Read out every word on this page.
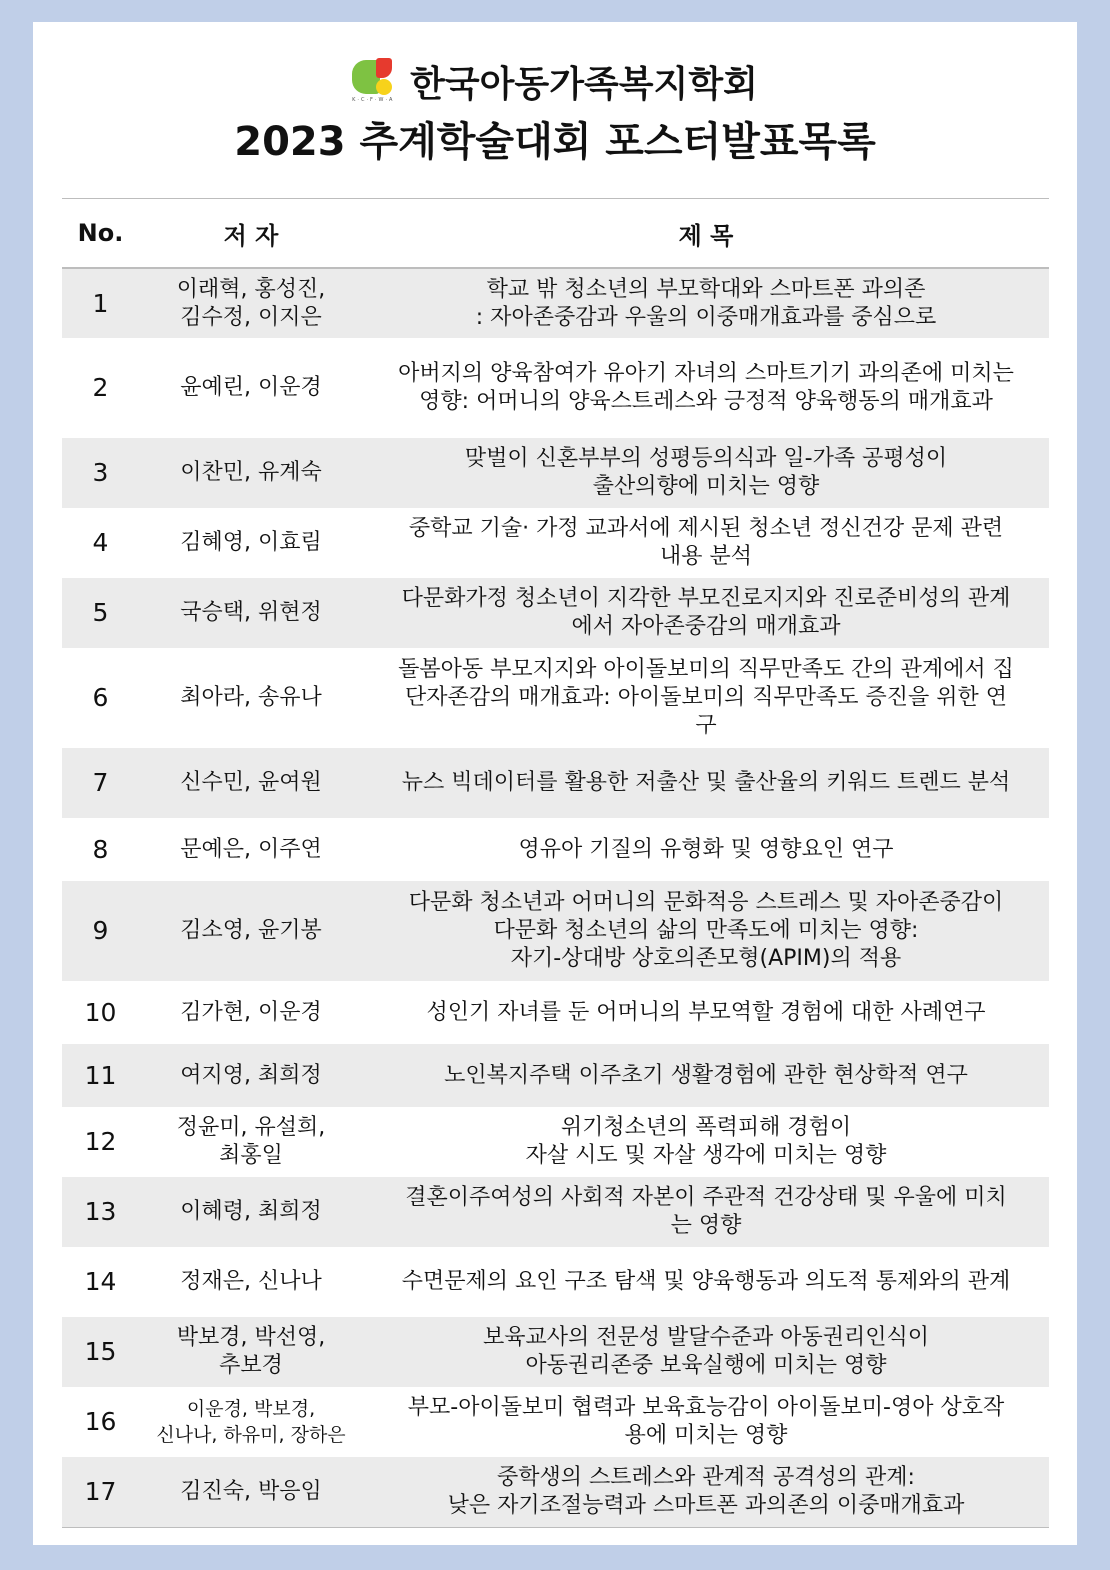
K·C·F·W·A 한국아동가족복지학회
2023 추계학술대회 포스터발표목록
No.	저 자	제 목
1	이래혁, 홍성진,
김수정, 이지은	학교 밖 청소년의 부모학대와 스마트폰 과의존
: 자아존중감과 우울의 이중매개효과를 중심으로
2	윤예린, 이운경	아버지의 양육참여가 유아기 자녀의 스마트기기 과의존에 미치는
영향: 어머니의 양육스트레스와 긍정적 양육행동의 매개효과
3	이찬민, 유계숙	맞벌이 신혼부부의 성평등의식과 일-가족 공평성이
출산의향에 미치는 영향
4	김혜영, 이효림	중학교 기술· 가정 교과서에 제시된 청소년 정신건강 문제 관련
내용 분석
5	국승택, 위현정	다문화가정 청소년이 지각한 부모진로지지와 진로준비성의 관계
에서 자아존중감의 매개효과
6	최아라, 송유나	돌봄아동 부모지지와 아이돌보미의 직무만족도 간의 관계에서 집
단자존감의 매개효과: 아이돌보미의 직무만족도 증진을 위한 연
구
7	신수민, 윤여원	뉴스 빅데이터를 활용한 저출산 및 출산율의 키워드 트렌드 분석
8	문예은, 이주연	영유아 기질의 유형화 및 영향요인 연구
9	김소영, 윤기봉	다문화 청소년과 어머니의 문화적응 스트레스 및 자아존중감이
다문화 청소년의 삶의 만족도에 미치는 영향:
자기-상대방 상호의존모형(APIM)의 적용
10	김가현, 이운경	성인기 자녀를 둔 어머니의 부모역할 경험에 대한 사례연구
11	여지영, 최희정	노인복지주택 이주초기 생활경험에 관한 현상학적 연구
12	정윤미, 유설희,
최홍일	위기청소년의 폭력피해 경험이
자살 시도 및 자살 생각에 미치는 영향
13	이혜령, 최희정	결혼이주여성의 사회적 자본이 주관적 건강상태 및 우울에 미치
는 영향
14	정재은, 신나나	수면문제의 요인 구조 탐색 및 양육행동과 의도적 통제와의 관계
15	박보경, 박선영,
추보경	보육교사의 전문성 발달수준과 아동권리인식이
아동권리존중 보육실행에 미치는 영향
16	이운경, 박보경,
신나나, 하유미, 장하은	부모-아이돌보미 협력과 보육효능감이 아이돌보미-영아 상호작
용에 미치는 영향
17	김진숙, 박응임	중학생의 스트레스와 관계적 공격성의 관계:
낮은 자기조절능력과 스마트폰 과의존의 이중매개효과
